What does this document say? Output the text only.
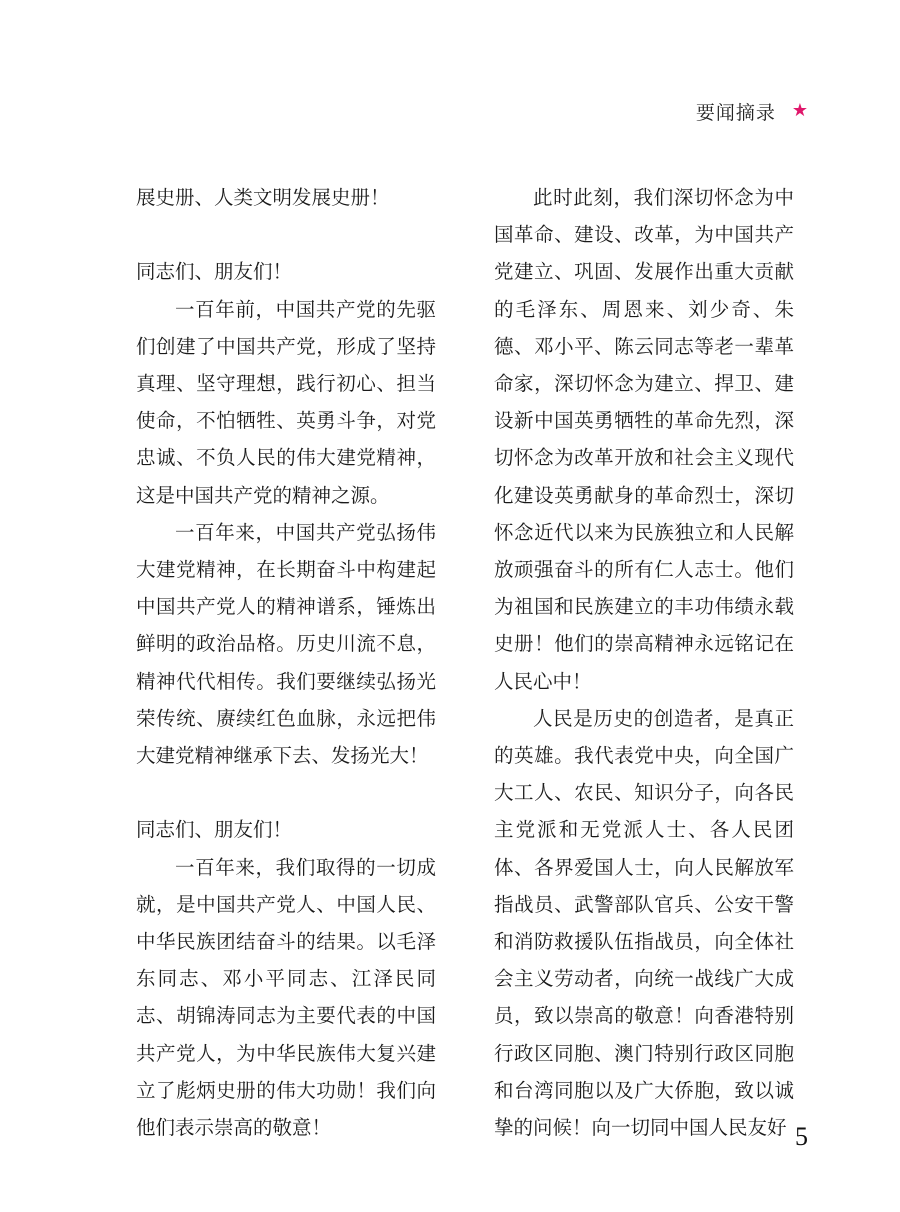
要闻摘录 ★

展史册、人类文明发展史册！

同志们、朋友们！

一百年前，中国共产党的先驱们创建了中国共产党，形成了坚持真理、坚守理想，践行初心、担当使命，不怕牺牲、英勇斗争，对党忠诚、不负人民的伟大建党精神，这是中国共产党的精神之源。

一百年来，中国共产党弘扬伟大建党精神，在长期奋斗中构建起中国共产党人的精神谱系，锤炼出鲜明的政治品格。历史川流不息，精神代代相传。我们要继续弘扬光荣传统、赓续红色血脉，永远把伟大建党精神继承下去、发扬光大！

同志们、朋友们！

一百年来，我们取得的一切成就，是中国共产党人、中国人民、中华民族团结奋斗的结果。以毛泽东同志、邓小平同志、江泽民同志、胡锦涛同志为主要代表的中国共产党人，为中华民族伟大复兴建立了彪炳史册的伟大功勋！我们向他们表示崇高的敬意！

此时此刻，我们深切怀念为中国革命、建设、改革，为中国共产党建立、巩固、发展作出重大贡献的毛泽东、周恩来、刘少奇、朱德、邓小平、陈云同志等老一辈革命家，深切怀念为建立、捍卫、建设新中国英勇牺牲的革命先烈，深切怀念为改革开放和社会主义现代化建设英勇献身的革命烈士，深切怀念近代以来为民族独立和人民解放顽强奋斗的所有仁人志士。他们为祖国和民族建立的丰功伟绩永载史册！他们的崇高精神永远铭记在人民心中！

人民是历史的创造者，是真正的英雄。我代表党中央，向全国广大工人、农民、知识分子，向各民主党派和无党派人士、各人民团体、各界爱国人士，向人民解放军指战员、武警部队官兵、公安干警和消防救援队伍指战员，向全体社会主义劳动者，向统一战线广大成员，致以崇高的敬意！向香港特别行政区同胞、澳门特别行政区同胞和台湾同胞以及广大侨胞，致以诚挚的问候！向一切同中国人民友好 5
